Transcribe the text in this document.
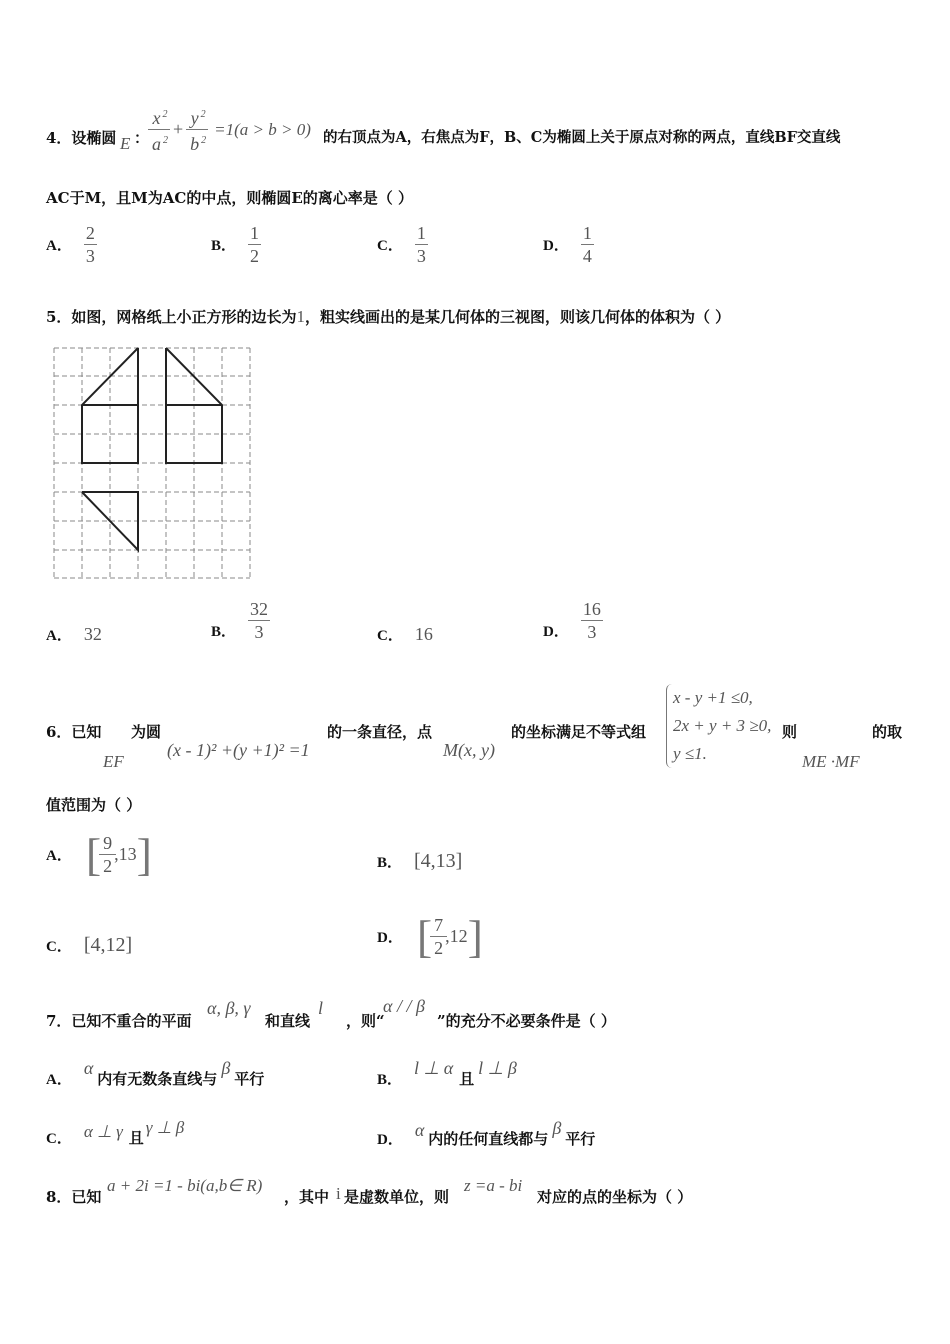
4．设椭圆 E ：
$\frac{x ^2}{a ^2} + \frac{y ^2}{b ^2} =1(a > b > 0)$ 的右顶点为A，右焦点为F，B、C为椭圆上关于原点对称的两点，直线BF交直线
AC于M，且M为AC的中点，则椭圆E的离心率是（ ）
A． $\frac{2}{3}$	B． $\frac{1}{2}$	C． $\frac{1}{3}$	D． $\frac{1}{4}$
5．如图，网格纸上小正方形的边长为1，粗实线画出的是某几何体的三视图，则该几何体的体积为（ ）
A． 32	B． $\frac{32}{3}$	C． 16	D． $\frac{16}{3}$
6．已知
EF
为圆
(x - 1)² +(y +1)² =1
的一条直径，点
M(x, y)
的坐标满足不等式组
x - y +1 ≤0,
2x + y + 3 ≥0,
y ≤1.
则
ME ·MF
的取
值范围为（ ）
A． [ $\frac{9}{2} ,13$ ]	B． [4,13]
C． [4,12]	D． [ $\frac{7}{2} ,12$ ]
7．已知不重合的平面
α, β, γ
和直线
l
，则“
α / / β
”的充分不必要条件是（ ）
A．
α
内有无数条直线与
β
平行	B．
l ⊥ α
且
l ⊥ β
C． α ⊥ γ 且
γ ⊥ β
D． α 内的任何直线都与
β
平行
8．已知
a + 2i =1 - bi(a,b∈ R)
，其中 i 是虚数单位，则
z =a - bi
对应的点的坐标为（ ）
